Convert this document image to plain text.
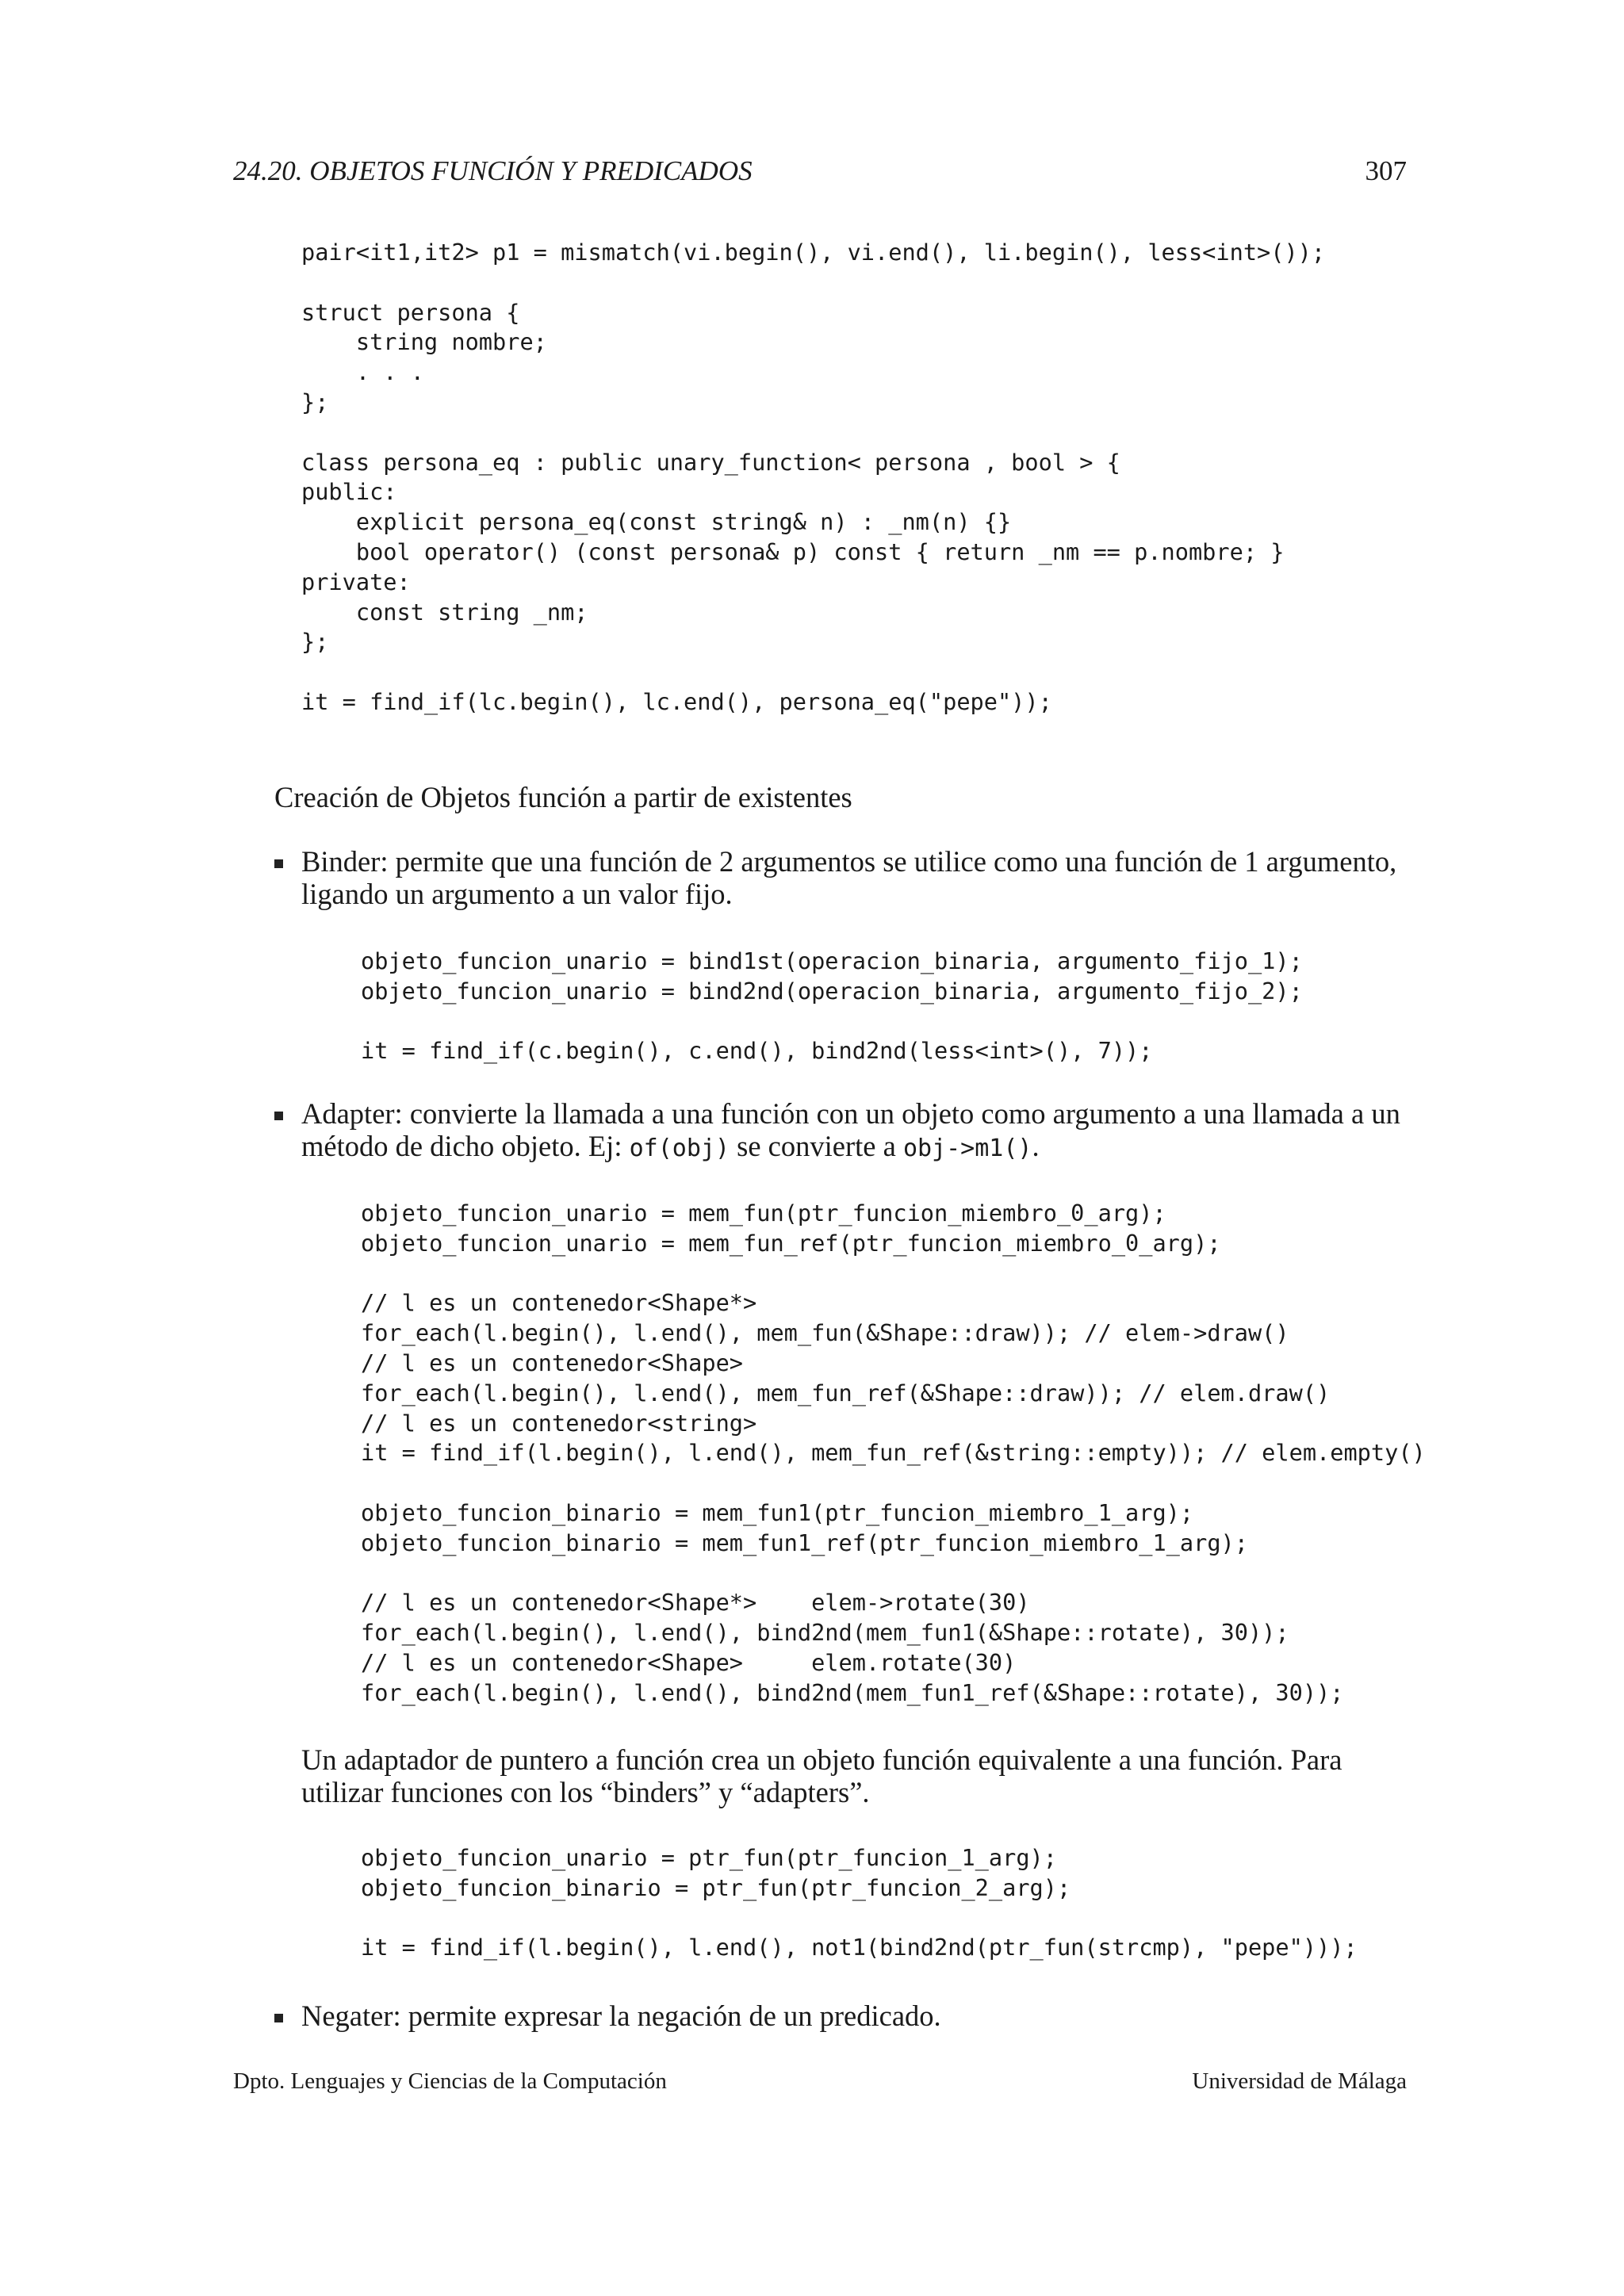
24.20. OBJETOS FUNCIÓN Y PREDICADOS	307
pair<it1,it2> p1 = mismatch(vi.begin(), vi.end(), li.begin(), less<int>());

struct persona {
string nombre;
. . .
};

class persona_eq : public unary_function< persona , bool > {
public:
explicit persona_eq(const string& n) : _nm(n) {}
bool operator() (const persona& p) const { return _nm == p.nombre; }
private:
const string _nm;
};

it = find_if(lc.begin(), lc.end(), persona_eq("pepe"));

Creación de Objetos función a partir de existentes

Binder: permite que una función de 2 argumentos se utilice como una función de 1 argumento, ligando un argumento a un valor fijo.

objeto_funcion_unario = bind1st(operacion_binaria, argumento_fijo_1);
objeto_funcion_unario = bind2nd(operacion_binaria, argumento_fijo_2);

it = find_if(c.begin(), c.end(), bind2nd(less<int>(), 7));

Adapter: convierte la llamada a una función con un objeto como argumento a una llamada a un método de dicho objeto. Ej: of(obj) se convierte a obj->m1().

objeto_funcion_unario = mem_fun(ptr_funcion_miembro_0_arg);
objeto_funcion_unario = mem_fun_ref(ptr_funcion_miembro_0_arg);

// l es un contenedor<Shape*>
for_each(l.begin(), l.end(), mem_fun(&Shape::draw)); // elem->draw()
// l es un contenedor<Shape>
for_each(l.begin(), l.end(), mem_fun_ref(&Shape::draw)); // elem.draw()
// l es un contenedor<string>
it = find_if(l.begin(), l.end(), mem_fun_ref(&string::empty)); // elem.empty()

objeto_funcion_binario = mem_fun1(ptr_funcion_miembro_1_arg);
objeto_funcion_binario = mem_fun1_ref(ptr_funcion_miembro_1_arg);

// l es un contenedor<Shape*>    elem->rotate(30)
for_each(l.begin(), l.end(), bind2nd(mem_fun1(&Shape::rotate), 30));
// l es un contenedor<Shape>     elem.rotate(30)
for_each(l.begin(), l.end(), bind2nd(mem_fun1_ref(&Shape::rotate), 30));

Un adaptador de puntero a función crea un objeto función equivalente a una función. Para utilizar funciones con los “binders” y “adapters”.

objeto_funcion_unario = ptr_fun(ptr_funcion_1_arg);
objeto_funcion_binario = ptr_fun(ptr_funcion_2_arg);

it = find_if(l.begin(), l.end(), not1(bind2nd(ptr_fun(strcmp), "pepe")));

Negater: permite expresar la negación de un predicado.

Dpto. Lenguajes y Ciencias de la Computación	Universidad de Málaga
